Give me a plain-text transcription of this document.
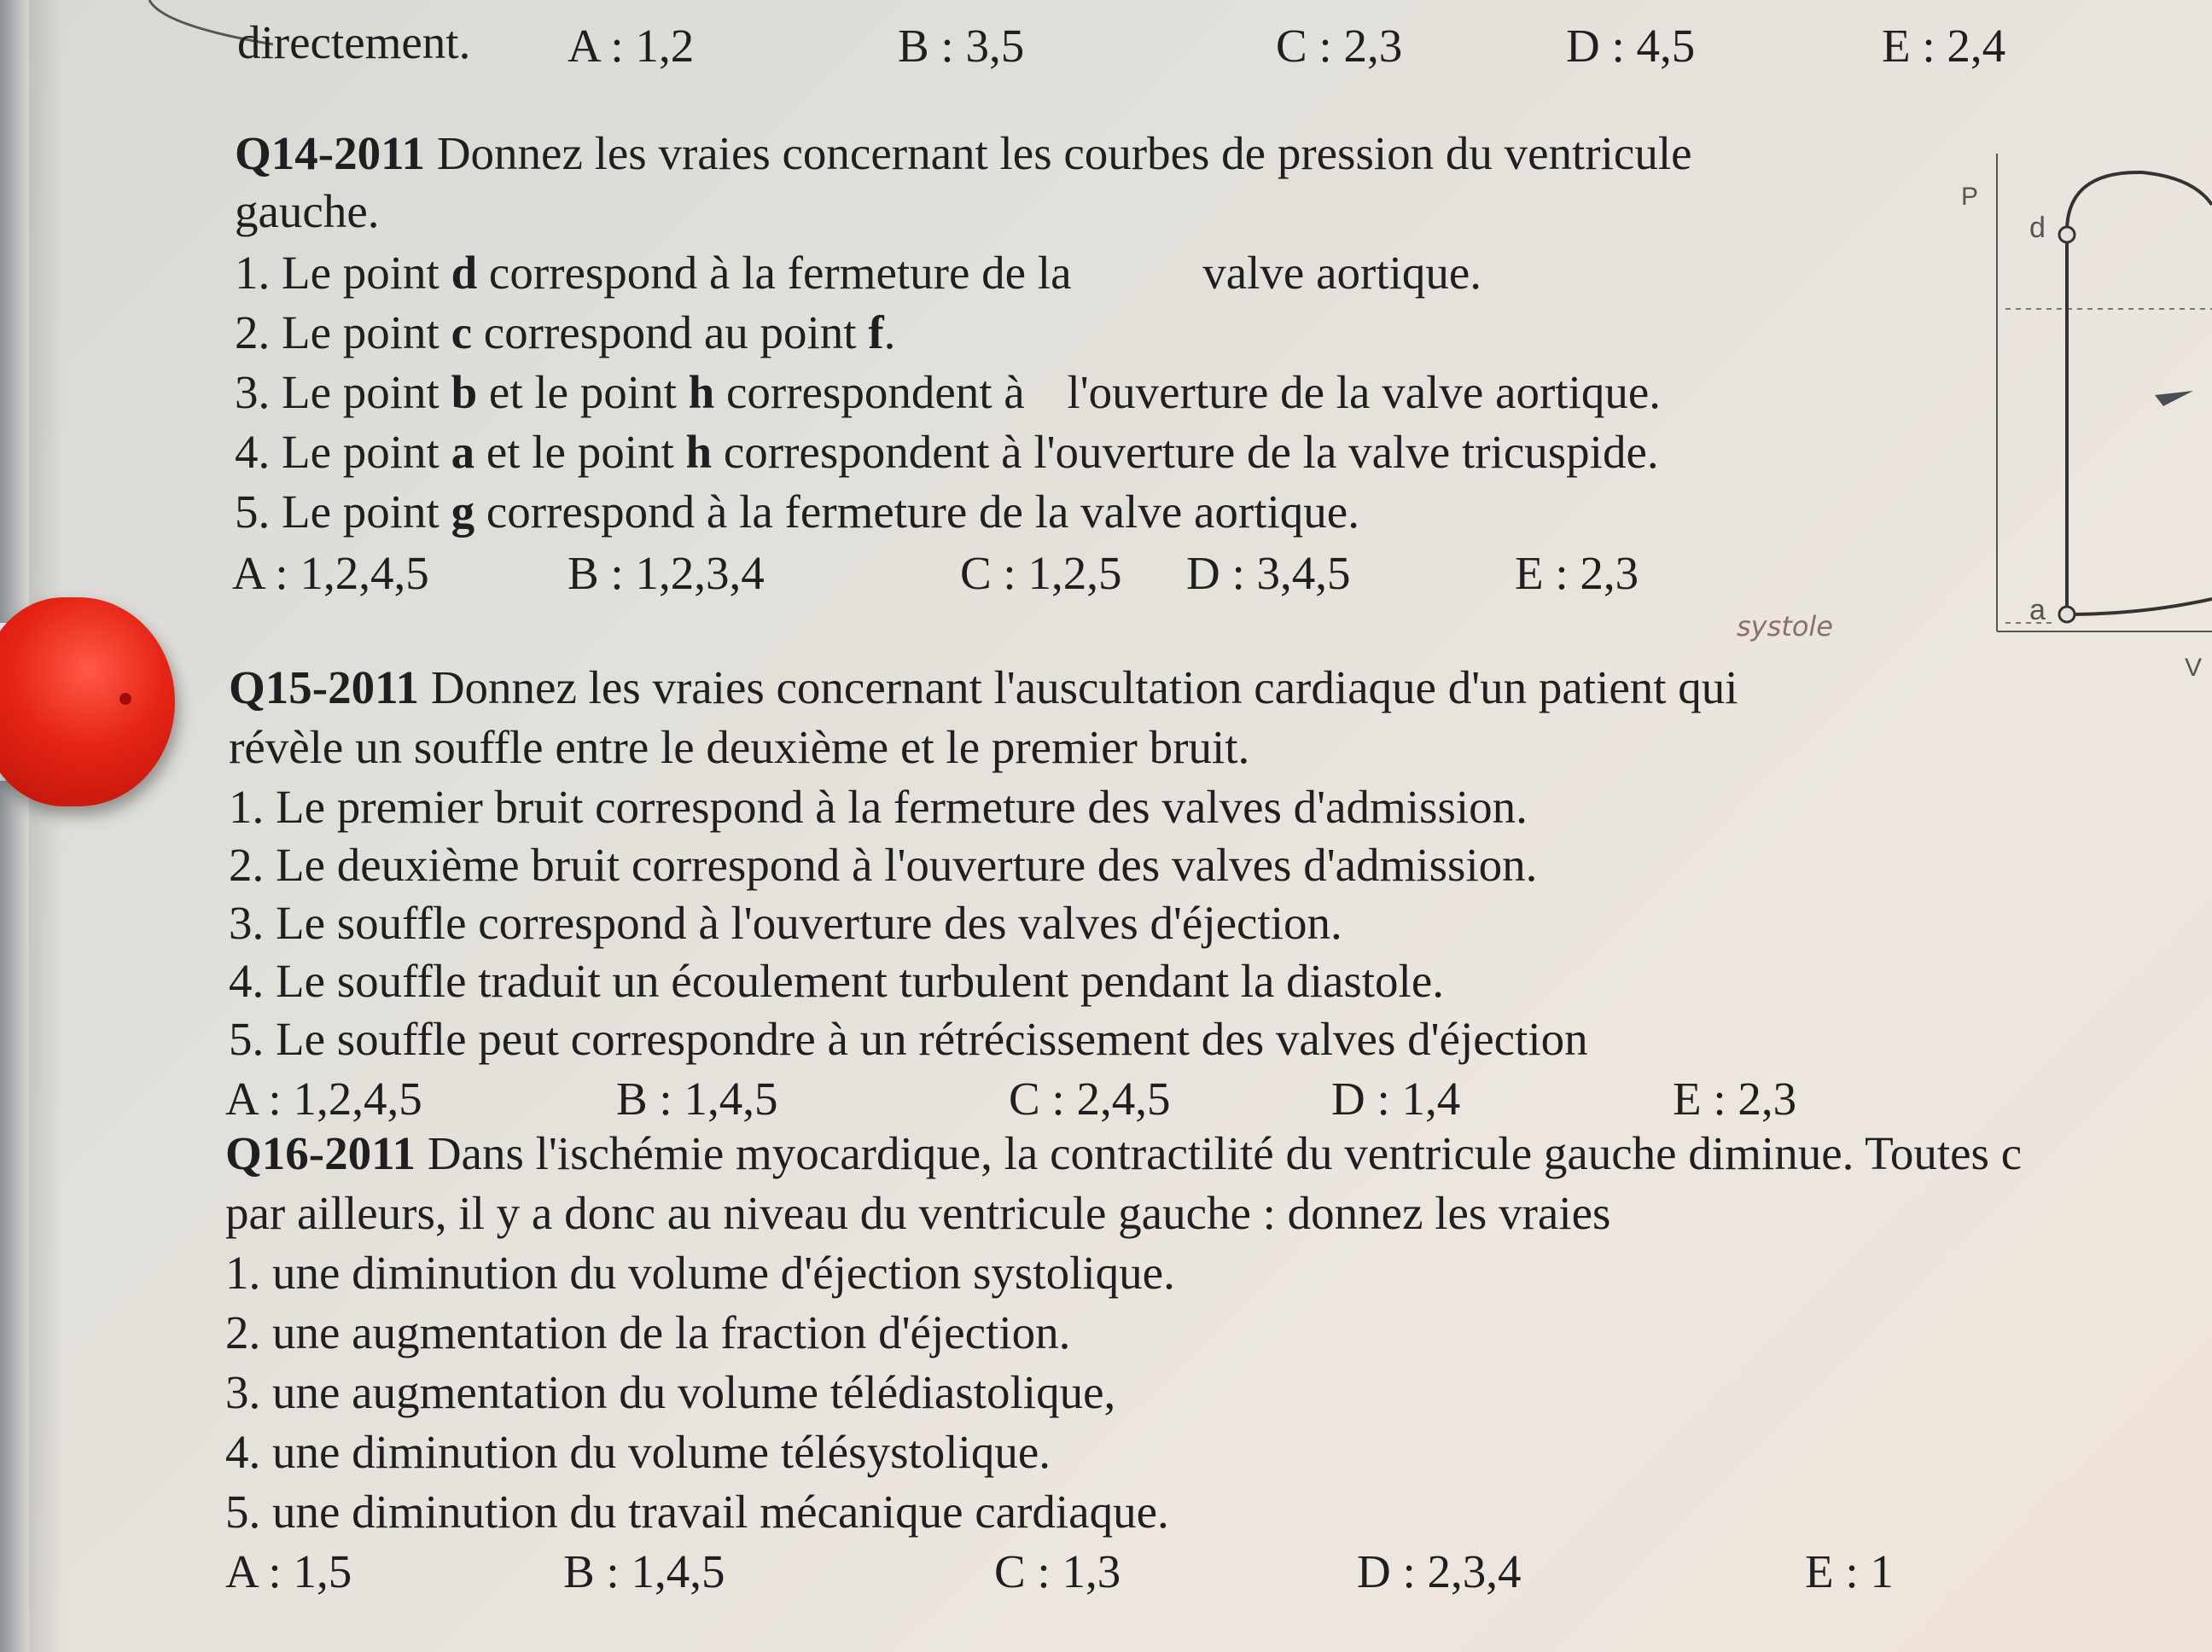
directement. A : 1,2	B : 3,5	C : 2,3	D : 4,5	E : 2,4
Q14-2011 Donnez les vraies concernant les courbes de pression du ventricule
gauche.
1. Le point d correspond à la fermeture de la	valve aortique.
2. Le point c correspond au point f.
3. Le point b et le point h correspondent à l'ouverture de la valve aortique.
4. Le point a et le point h correspondent à l'ouverture de la valve tricuspide.
5. Le point g correspond à la fermeture de la valve aortique.
A : 1,2,4,5	B : 1,2,3,4	C : 1,2,5 D : 3,4,5	E : 2,3
systole
Q15-2011 Donnez les vraies concernant l'auscultation cardiaque d'un patient qui
révèle un souffle entre le deuxième et le premier bruit.
1. Le premier bruit correspond à la fermeture des valves d'admission.
2. Le deuxième bruit correspond à l'ouverture des valves d'admission.
3. Le souffle correspond à l'ouverture des valves d'éjection.
4. Le souffle traduit un écoulement turbulent pendant la diastole.
5. Le souffle peut correspondre à un rétrécissement des valves d'éjection
A : 1,2,4,5	B : 1,4,5	C : 2,4,5	D : 1,4	E : 2,3
Q16-2011 Dans l'ischémie myocardique, la contractilité du ventricule gauche diminue. Toutes c
par ailleurs, il y a donc au niveau du ventricule gauche : donnez les vraies
1. une diminution du volume d'éjection systolique.
2. une augmentation de la fraction d'éjection.
3. une augmentation du volume télédiastolique,
4. une diminution du volume télésystolique.
5. une diminution du travail mécanique cardiaque.
A : 1,5	B : 1,4,5	C : 1,3	D : 2,3,4	E : 1
P
V
d
a
